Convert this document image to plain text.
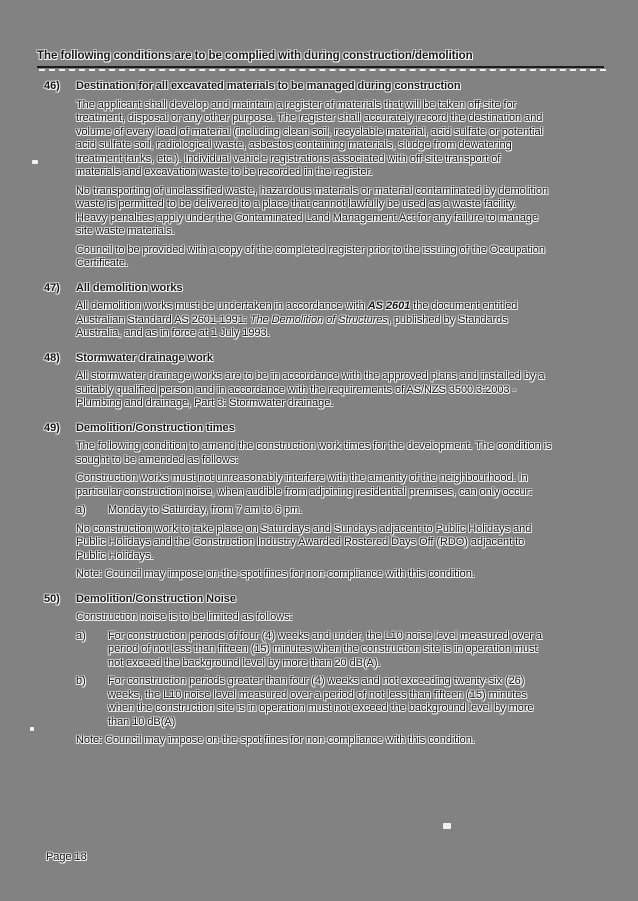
The following conditions are to be complied with during construction/demolition
46)	Destination for all excavated materials to be managed during construction
The applicant shall develop and maintain a register of materials that will be taken off-site for
treatment, disposal or any other purpose. The register shall accurately record the destination and
volume of every load of material (including clean soil, recyclable material, acid sulfate or potential
acid sulfate soil, radiological waste, asbestos containing materials, sludge from dewatering
treatment tanks, etc.). Individual vehicle registrations associated with off-site transport of
materials and excavation waste to be recorded in the register.
No transporting of unclassified waste, hazardous materials or material contaminated by demolition
waste is permitted to be delivered to a place that cannot lawfully be used as a waste facility.
Heavy penalties apply under the Contaminated Land Management Act for any failure to manage
site waste materials.
Council to be provided with a copy of the completed register prior to the issuing of the Occupation
Certificate.
47)	All demolition works
All demolition works must be undertaken in accordance with AS 2601 the document entitled
Australian Standard AS 2601-1991: The Demolition of Structures, published by Standards
Australia, and as in force at 1 July 1993.
48)	Stormwater drainage work
All stormwater drainage works are to be in accordance with the approved plans and installed by a
suitably qualified person and in accordance with the requirements of AS/NZS 3500.3:2003 -
Plumbing and drainage, Part 3: Stormwater drainage.
49)	Demolition/Construction times
The following condition to amend the construction work times for the development. The condition is
sought to be amended as follows:
Construction works must not unreasonably interfere with the amenity of the neighbourhood. In
particular construction noise, when audible from adjoining residential premises, can only occur:
a)	Monday to Saturday, from 7 am to 6 pm.
No construction work to take place on Saturdays and Sundays adjacent to Public Holidays and
Public Holidays and the Construction Industry Awarded Rostered Days Off (RDO) adjacent to
Public Holidays.
Note: Council may impose on-the-spot fines for non-compliance with this condition.
50)	Demolition/Construction Noise
Construction noise is to be limited as follows:
a)	For construction periods of four (4) weeks and under, the L10 noise level measured over a
period of not less than fifteen (15) minutes when the construction site is in operation must
not exceed the background level by more than 20 dB(A).
b)	For construction periods greater than four (4) weeks and not exceeding twenty-six (26)
weeks, the L10 noise level measured over a period of not less than fifteen (15) minutes
when the construction site is in operation must not exceed the background level by more
than 10 dB(A)
Note: Council may impose on-the-spot fines for non-compliance with this condition.
Page 18
